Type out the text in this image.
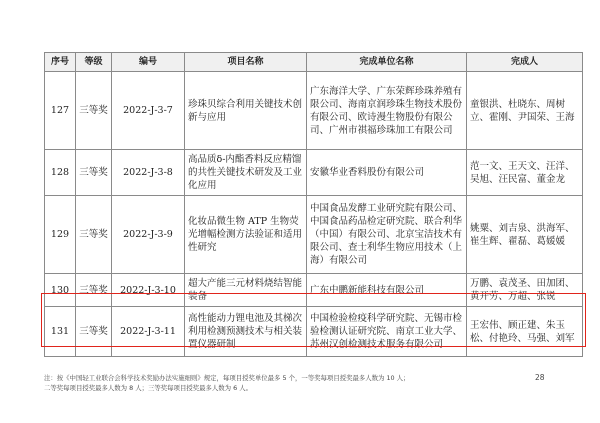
序号	等级	编号	项目名称	完成单位名称	完成人
127	三等奖	2022-J-3-7	珍珠贝综合利用关键技术创新与应用	广东海洋大学、广东荣辉珍珠养殖有限公司、海南京润珍珠生物技术股份有限公司、欧诗漫生物股份有限公司、广州市祺福珍珠加工有限公司	童银洪、杜晓东、周树立、霍刚、尹国荣、王海
128	三等奖	2022-J-3-8	高品质δ-内酯香料反应精馏的共性关键技术研发及工业化应用	安徽华业香料股份有限公司	范一文、王天文、汪洋、吴旭、汪民富、董金龙
129	三等奖	2022-J-3-9	化妆品微生物 ATP 生物荧光增幅检测方法验证和适用性研究	中国食品发酵工业研究院有限公司、中国食品药品检定研究院、联合利华（中国）有限公司、北京宝洁技术有限公司、查士利华生物应用技术（上海）有限公司	姚粟、刘吉泉、洪海军、崔生辉、翟磊、葛媛媛
130	三等奖	2022-J-3-10	超大产能三元材料烧结智能装备	广东中鹏新能科技有限公司	万鹏、袁茂圣、田加团、黄开劳、万超、张锐
131	三等奖	2022-J-3-11	高性能动力锂电池及其梯次利用检测预测技术与相关装置仪器研制	中国检验检疫科学研究院、无锡市检验检测认证研究院、南京工业大学、苏州汉创检测技术服务有限公司	王宏伟、顾正建、朱玉松、付艳玲、马强、刘军
注：按《中国轻工业联合会科学技术奖励办法实施细则》规定，每项目授奖单位最多 5 个，一等奖每项目授奖最多人数为 10 人；
二等奖每项目授奖最多人数为 8 人；三等奖每项目授奖最多人数为 6 人。
28
